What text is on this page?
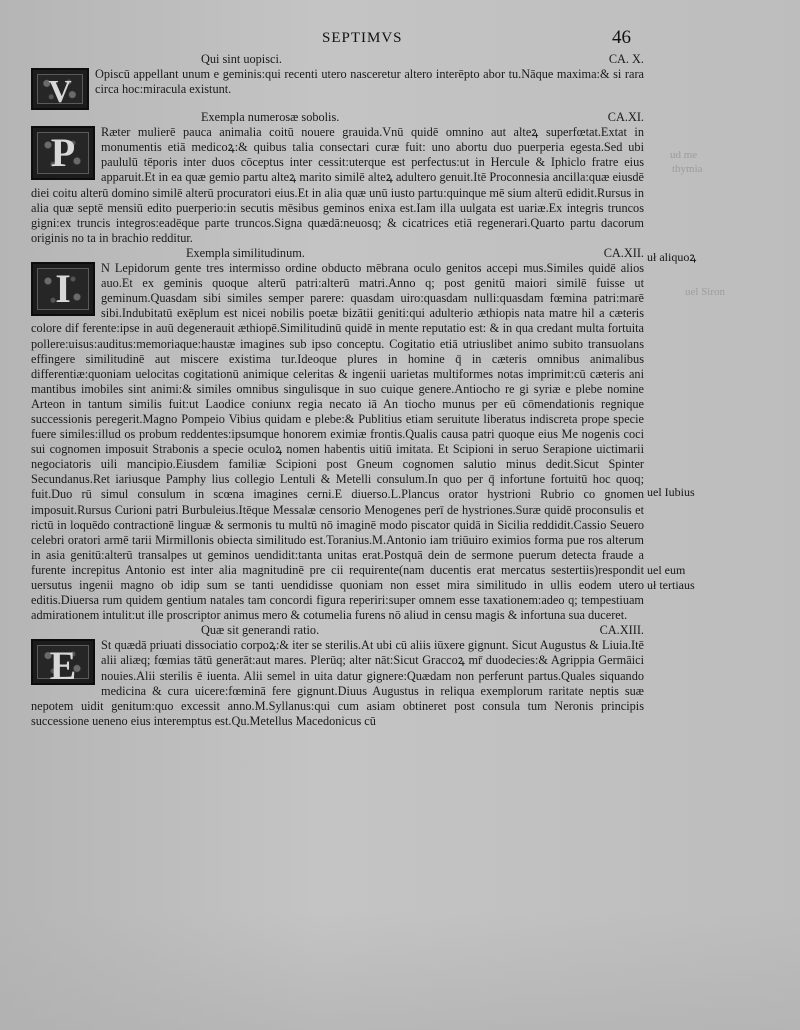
ud me
thymia
uel Siron
SEPTIMVS	46
Qui sint uopisci.	CA. X.
V	Opiscū appellant unum e geminis:qui recenti utero nasceretur altero interēpto abor tu.Nāque maxima:& si rara circa hoc:miracula existunt.

Exempla numerosæ sobolis.	CA.XI.
P	Ræter mulierē pauca animalia coitū nouere grauida.Vnū quidē omnino aut alteꝝ superfœtat.Extat in monumentis etiā medicoꝝ:& quibus talia consectari curæ fuit: uno abortu duo puerperia egesta.Sed ubi paululū tēporis inter duos cōceptus inter cessit:uterque est perfectus:ut in Hercule & Iphiclo fratre eius apparuit.Et in ea quæ gemio partu alteꝝ marito similē alteꝝ adultero genuit.Itē Proconnesia ancilla:quæ eiusdē diei coitu alterū domino similē alterū procuratori eius.Et in alia quæ unū iusto partu:quinque mē sium alterū edidit.Rursus in alia quæ septē mensiū edito puerperio:in secutis mēsibus geminos enixa est.Iam illa uulgata est uariæ.Ex integris truncos gigni:ex truncis integros:eadēque parte truncos.Signa quædā:neuosq; & cicatrices etiā regenerari.Quarto partu dacorum originis no ta in brachio redditur.

Exempla similitudinum.	CA.XII.
I	N Lepidorum gente tres intermisso ordine obducto mēbrana oculo genitos accepi mus.Similes quidē alios auo.Et ex geminis quoque alterū patri:alterū matri.Anno q; post genitū maiori similē fuisse ut geminum.Quasdam sibi similes semper parere: quasdam uiro:quasdam nulli:quasdam fœmina patri:marē sibi.Indubitatū exēplum est nicei nobilis poetæ bizātii geniti:qui adulterio æthiopis nata matre hil a cæteris colore dif ferente:ipse in auū degenerauit æthiopē.Similitudinū quidē in mente reputatio est: & in qua credant multa fortuita pollere:uisus:auditus:memoriaque:haustæ imagines sub ipso conceptu. Cogitatio etiā utriuslibet animo subito transuolans effingere similitudinē aut miscere existima tur.Ideoque plures in homine q̄ in cæteris omnibus animalibus differentiæ:quoniam uelocitas cogitationū animique celeritas & ingenii uarietas multiformes notas imprimit:cū cæteris ani mantibus imobiles sint animi:& similes omnibus singulisque in suo cuique genere.Antiocho re gi syriæ e plebe nomine Arteon in tantum similis fuit:ut Laodice coniunx regia necato iā An tiocho munus per eū cōmendationis regnique successionis peregerit.Magno Pompeio Vibius quidam e plebe:& Publitius etiam seruitute liberatus indiscreta prope specie fuere similes:illud os probum reddentes:ipsumque honorem eximiæ frontis.Qualis causa patri quoque eius Me nogenis coci sui cognomen imposuit Strabonis a specie oculoꝝ nomen habentis uitiū imitata. Et Scipioni in seruo Serapione uictimarii negociatoris uili mancipio.Eiusdem familiæ Scipioni post Gneum cognomen salutio minus dedit.Sicut Spinter Secundanus.Ret iariusque Pamphy lius collegio Lentuli & Metelli consulum.In quo per q̄ infortune fortuitū hoc quoq; fuit.Duo rū simul consulum in scœna imagines cerni.E diuerso.L.Plancus orator hystrioni Rubrio co gnomen imposuit.Rursus Curioni patri Burbuleius.Itēque Messalæ censorio Menogenes perī de hystriones.Suræ quidē proconsulis et rictū in loquēdo contractionē linguæ & sermonis tu multū nō imaginē modo piscator quidā in Sicilia reddidit.Cassio Seuero celebri oratori armē tarii Mirmillonis obiecta similitudo est.Toranius.M.Antonio iam triūuiro eximios forma pue ros alterum in asia genitū:alterū transalpes ut geminos uendidit:tanta unitas erat.Postquā dein de sermone puerum detecta fraude a furente increpitus Antonio est inter alia magnitudinē pre cii requirente(nam ducentis erat mercatus sestertiis)respondit uersutus ingenii magno ob idip sum se tanti uendidisse quoniam non esset mira similitudo in ullis eodem utero editis.Diuersa rum quidem gentium natales tam concordi figura reperiri:super omnem esse taxationem:adeo q; tempestiuam admirationem intulit:ut ille proscriptor animus mero & cotumelia furens nō aliud in censu magis & infortuna sua duceret.

Quæ sit generandi ratio.	CA.XIII.
E	St quædā priuati dissociatio corpoꝝ:& iter se sterilis.At ubi cū aliis iūxere gignunt. Sicut Augustus & Liuia.Itē alii aliæq; fœmias tātū generāt:aut mares. Plerūq; alter nāt:Sicut Graccoꝝ mr̄ duodecies:& Agrippia Germāici nouies.Alii sterilis ē iuenta. Alii semel in uita datur gignere:Quædam non perferunt partus.Quales siquando medicina & cura uicere:fœminā fere gignunt.Diuus Augustus in reliqua exemplorum raritate neptis suæ nepotem uidit genitum:quo excessit anno.M.Syllanus:qui cum asiam obtineret post consula tum Neronis principis successione ueneno eius interemptus est.Qu.Metellus Macedonicus cū

uł aliquoꝝ
uel Iubius
uel eum
uł tertiaus
